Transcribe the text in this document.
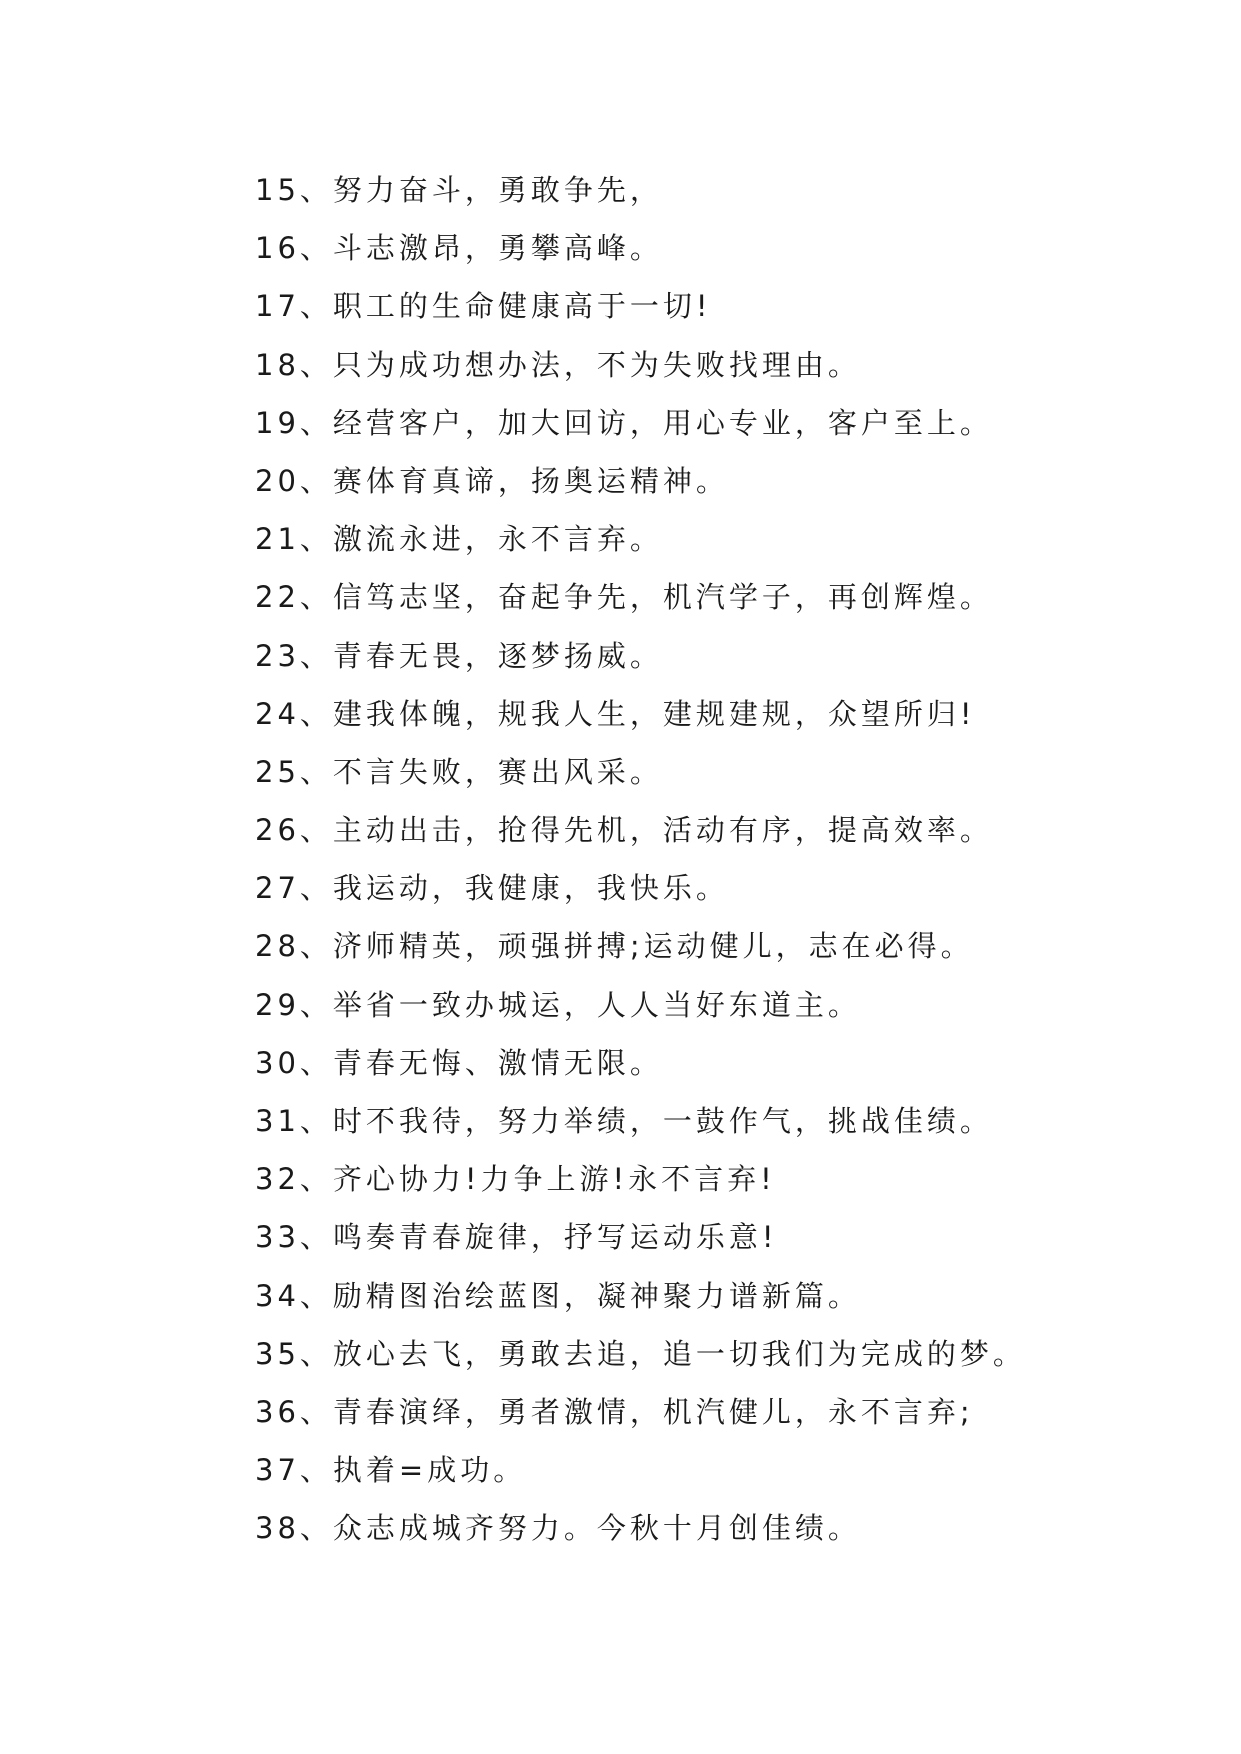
15、努力奋斗，勇敢争先，
16、斗志激昂，勇攀高峰。
17、职工的生命健康高于一切!
18、只为成功想办法，不为失败找理由。
19、经营客户，加大回访，用心专业，客户至上。
20、赛体育真谛，扬奥运精神。
21、激流永进，永不言弃。
22、信笃志坚，奋起争先，机汽学子，再创辉煌。
23、青春无畏，逐梦扬威。
24、建我体魄，规我人生，建规建规，众望所归!
25、不言失败，赛出风采。
26、主动出击，抢得先机，活动有序，提高效率。
27、我运动，我健康，我快乐。
28、济师精英，顽强拼搏;运动健儿，志在必得。
29、举省一致办城运，人人当好东道主。
30、青春无悔、激情无限。
31、时不我待，努力举绩，一鼓作气，挑战佳绩。
32、齐心协力!力争上游!永不言弃!
33、鸣奏青春旋律，抒写运动乐意!
34、励精图治绘蓝图，凝神聚力谱新篇。
35、放心去飞，勇敢去追，追一切我们为完成的梦。
36、青春演绎，勇者激情，机汽健儿，永不言弃;
37、执着=成功。
38、众志成城齐努力。今秋十月创佳绩。
